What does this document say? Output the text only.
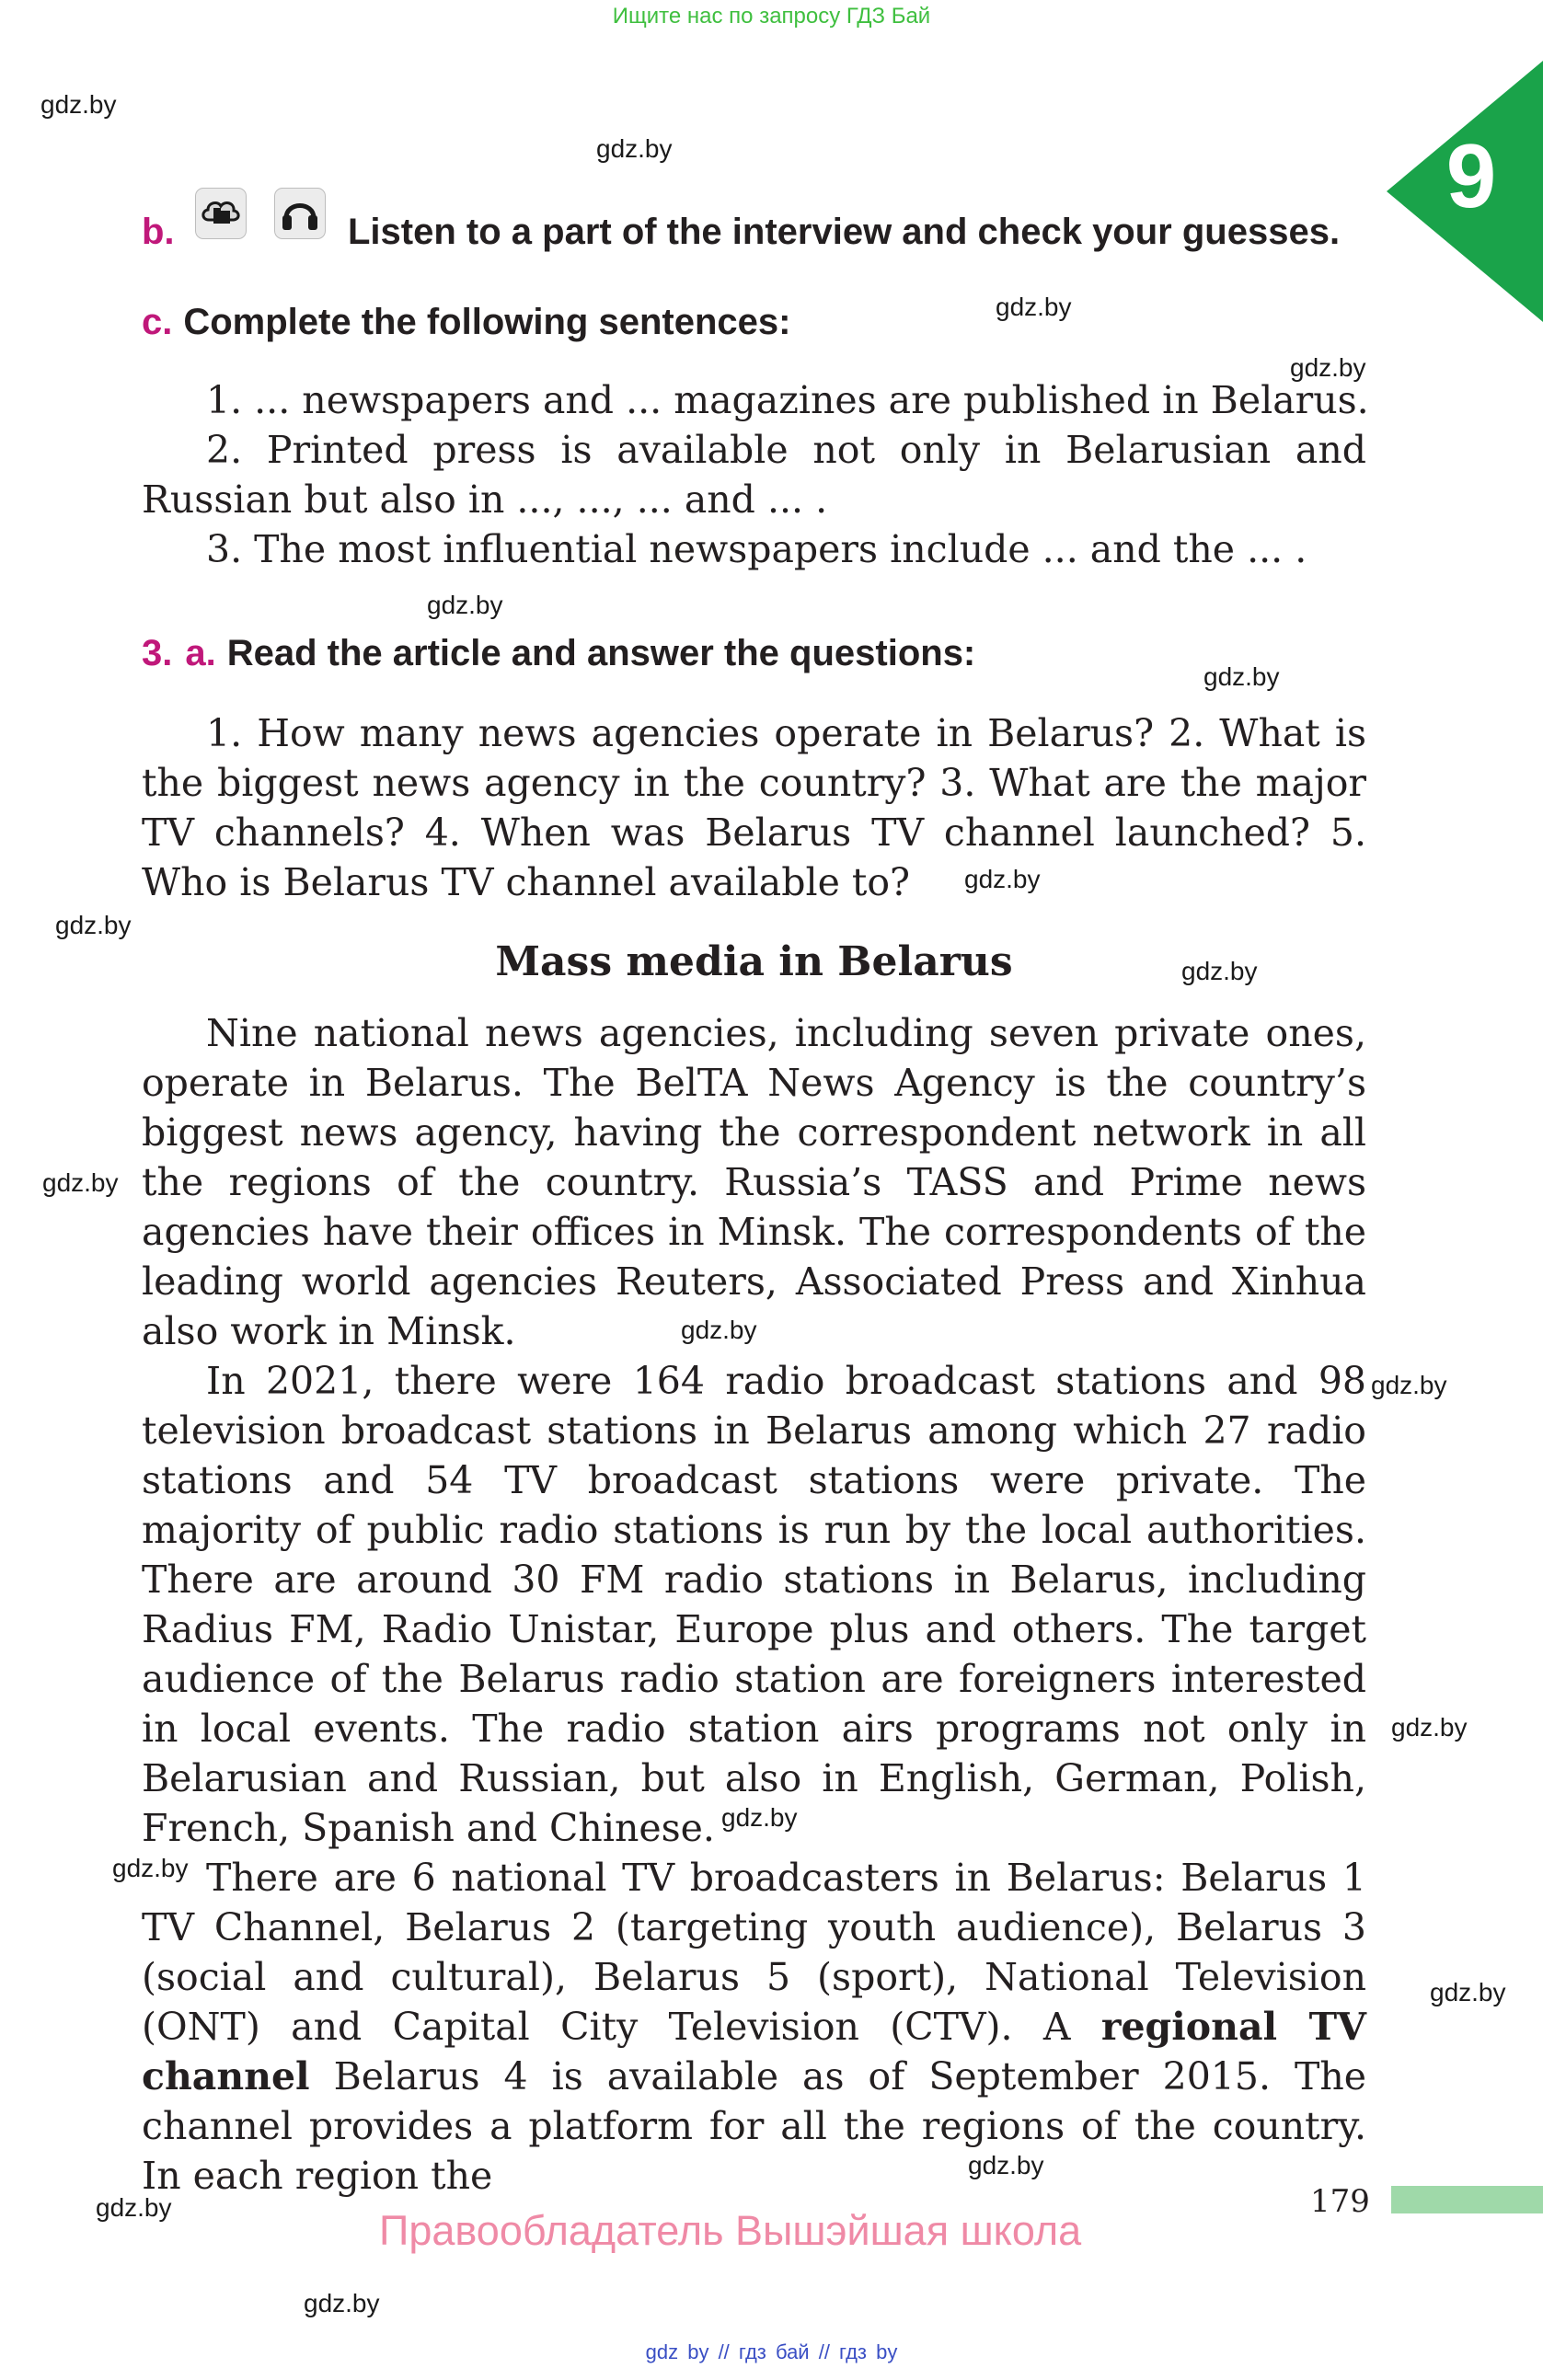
Ищите нас по запросу ГДЗ Бай
9
gdz.by
gdz.by
gdz.by
gdz.by
gdz.by
gdz.by
gdz.by
gdz.by
gdz.by
gdz.by
gdz.by
gdz.by
gdz.by
gdz.by
gdz.by
gdz.by
gdz.by
gdz.by
gdz.by
b.	Listen to a part of the interview and check your guesses.
c. Complete the following sentences:

1. ... newspapers and ... magazines are published in Belarus.

2. Printed press is available not only in Belarusian and Russian but also in ..., ..., ... and ... .

3. The most influential newspapers include ... and the ... .

3. a. Read the article and answer the questions:

1. How many news agencies operate in Belarus? 2. What is the biggest news agency in the country? 3. What are the major TV channels? 4. When was Belarus TV channel launched? 5. Who is Belarus TV channel available to?

Mass media in Belarus

Nine national news agencies, including seven private ones, operate in Belarus. The BelTA News Agency is the country’s biggest news agency, having the correspondent network in all the regions of the country. Russia’s TASS and Prime news agencies have their offices in Minsk. The correspondents of the leading world agencies Reuters, Associated Press and Xinhua also work in Minsk.

In 2021, there were 164 radio broadcast stations and 98 television broadcast stations in Belarus among which 27 radio stations and 54 TV broadcast stations were private. The majority of public radio stations is run by the local authorities. There are around 30 FM radio stations in Belarus, including Radius FM, Radio Unistar, Europe plus and others. The target audience of the Belarus radio station are foreigners interested in local events. The radio station airs programs not only in Belarusian and Russian, but also in English, German, Polish, French, Spanish and Chinese.

There are 6 national TV broadcasters in Belarus: Belarus 1 TV Channel, Belarus 2 (targeting youth audience), Belarus 3 (social and cultural), Belarus 5 (sport), National Television (ONT) and Capital City Television (CTV). A regional TV channel Belarus 4 is available as of September 2015. The channel provides a platform for all the regions of the country. In each region the

179
Правообладатель Вышэйшая школа
gdz by // гдз бай // гдз by
